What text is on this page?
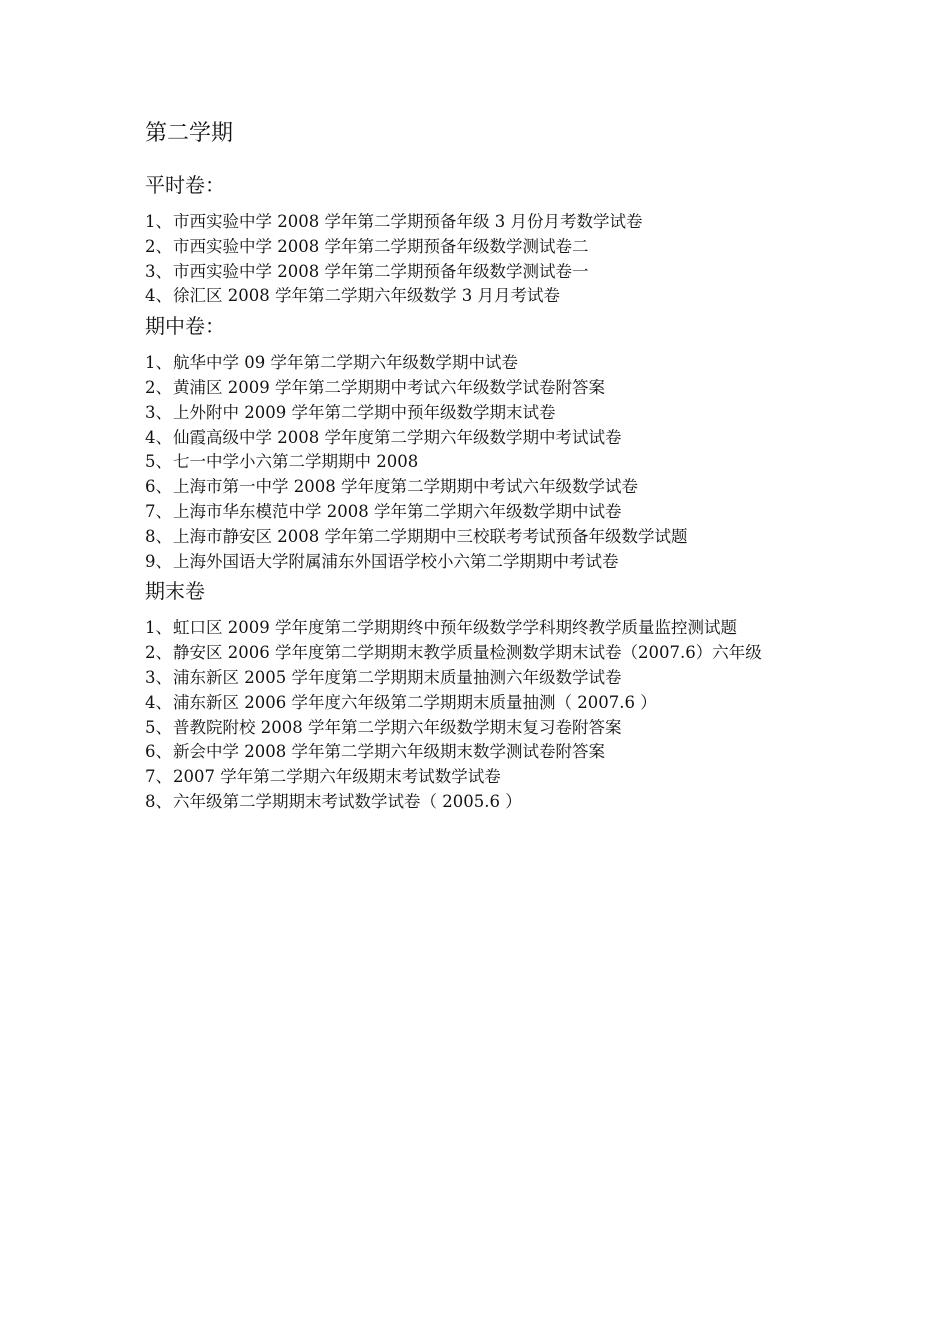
第二学期
平时卷：
1、 市西实验中学 2008 学年第二学期预备年级 3 月份月考数学试卷
2、 市西实验中学 2008 学年第二学期预备年级数学测试卷二
3、 市西实验中学 2008 学年第二学期预备年级数学测试卷一
4、 徐汇区 2008 学年第二学期六年级数学 3 月月考试卷
期中卷：
1、 航华中学 09 学年第二学期六年级数学期中试卷
2、 黄浦区 2009 学年第二学期期中考试六年级数学试卷附答案
3、 上外附中 2009 学年第二学期中预年级数学期末试卷
4、 仙霞高级中学 2008 学年度第二学期六年级数学期中考试试卷
5、 七一中学小六第二学期期中 2008
6、 上海市第一中学 2008 学年度第二学期期中考试六年级数学试卷
7、 上海市华东模范中学 2008 学年第二学期六年级数学期中试卷
8、 上海市静安区 2008 学年第二学期期中三校联考考试预备年级数学试题
9、 上海外国语大学附属浦东外国语学校小六第二学期期中考试卷
期末卷
1、 虹口区 2009 学年度第二学期期终中预年级数学学科期终教学质量监控测试题
2、 静安区 2006 学年度第二学期期末教学质量检测数学期末试卷（2007.6）六年级
3、 浦东新区 2005 学年度第二学期期末质量抽测六年级数学试卷
4、 浦东新区 2006 学年度六年级第二学期期末质量抽测（ 2007.6 ）
5、 普教院附校 2008 学年第二学期六年级数学期末复习卷附答案
6、 新会中学 2008 学年第二学期六年级期末数学测试卷附答案
7、 2007 学年第二学期六年级期末考试数学试卷
8、 六年级第二学期期末考试数学试卷（ 2005.6 ）
